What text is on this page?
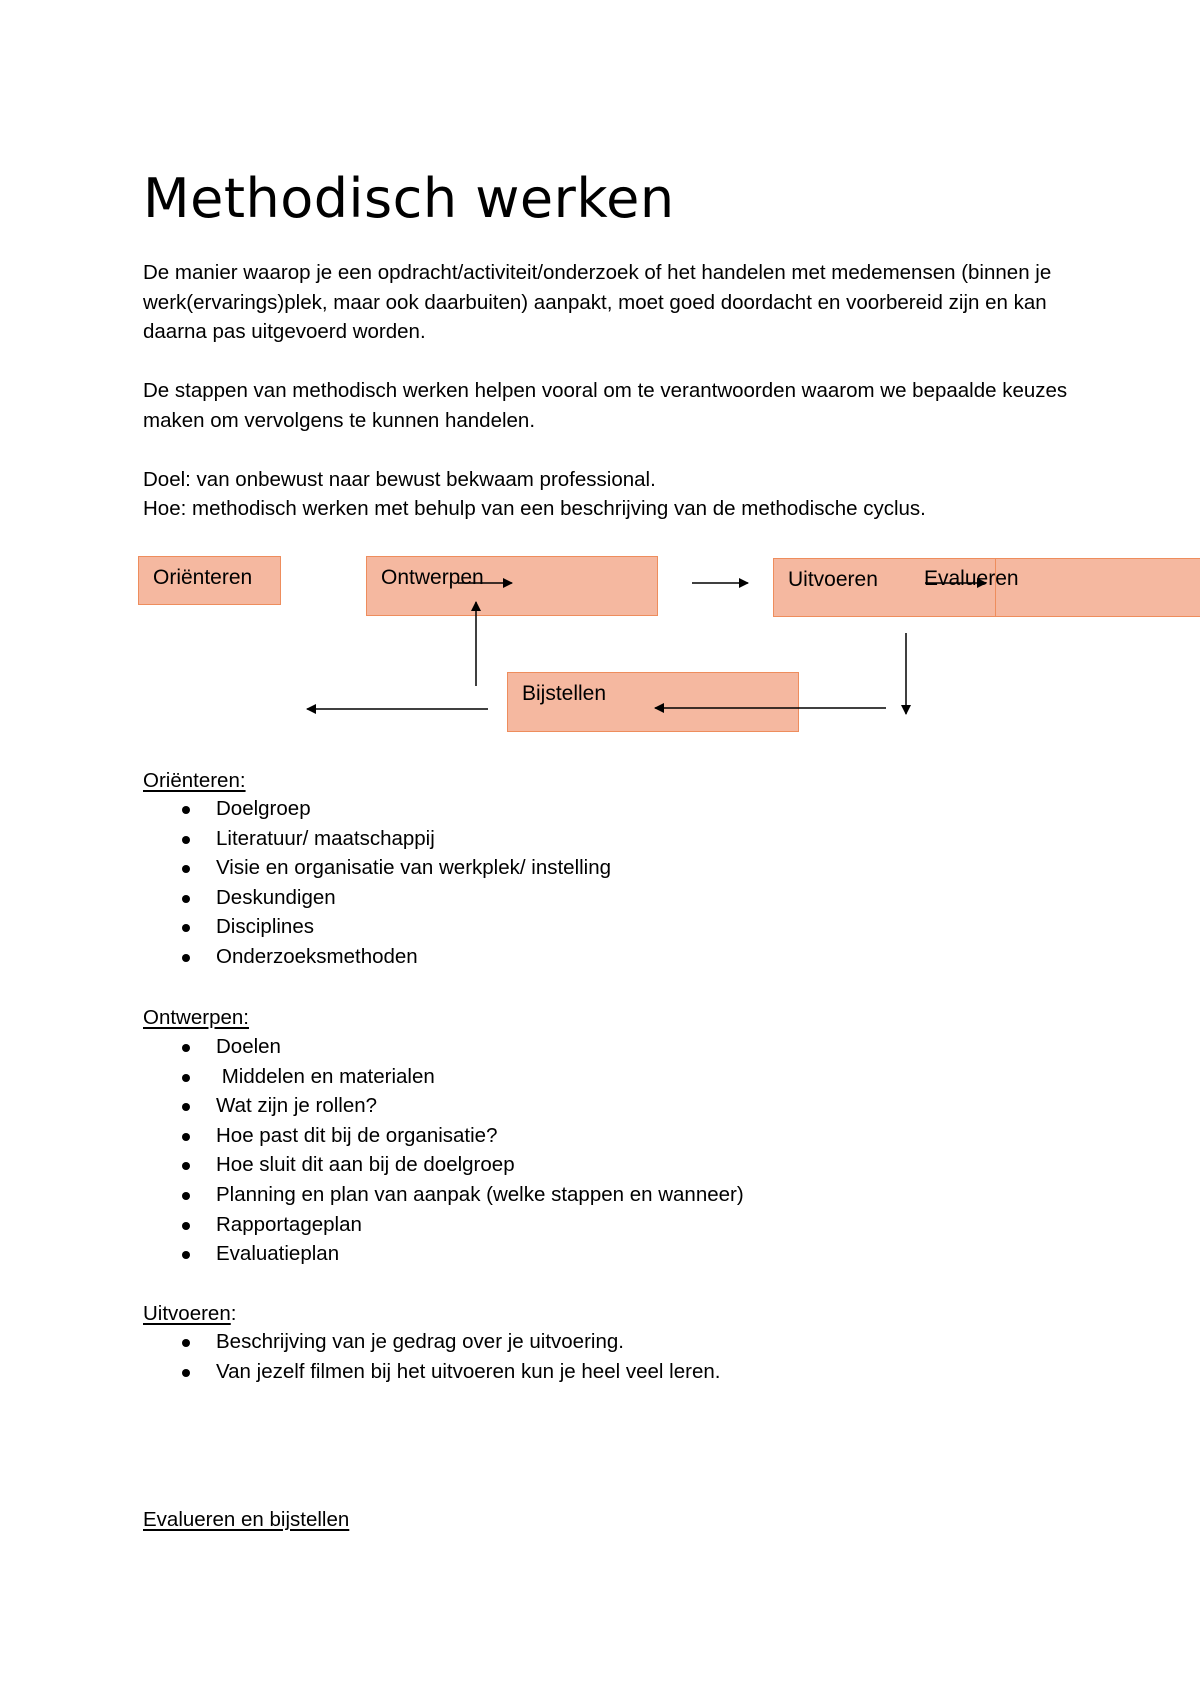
Methodisch werken

De manier waarop je een opdracht/activiteit/onderzoek of het handelen met medemensen (binnen je werk(ervarings)plek, maar ook daarbuiten) aanpakt, moet goed doordacht en voorbereid zijn en kan daarna pas uitgevoerd worden.

De stappen van methodisch werken helpen vooral om te verantwoorden waarom we bepaalde keuzes maken om vervolgens te kunnen handelen.

Doel: van onbewust naar bewust bekwaam professional.

Hoe: methodisch werken met behulp van een beschrijving van de methodische cyclus.

Oriënteren	Ontwerpen	Uitvoeren Evalueren
Bijstellen

Oriënteren:

Doelgroep
Literatuur/ maatschappij
Visie en organisatie van werkplek/ instelling
Deskundigen
Disciplines
Onderzoeksmethoden

Ontwerpen:

Doelen
Middelen en materialen
Wat zijn je rollen?
Hoe past dit bij de organisatie?
Hoe sluit dit aan bij de doelgroep
Planning en plan van aanpak (welke stappen en wanneer)
Rapportageplan
Evaluatieplan

Uitvoeren:

Beschrijving van je gedrag over je uitvoering.
Van jezelf filmen bij het uitvoeren kun je heel veel leren.

Evalueren en bijstellen
